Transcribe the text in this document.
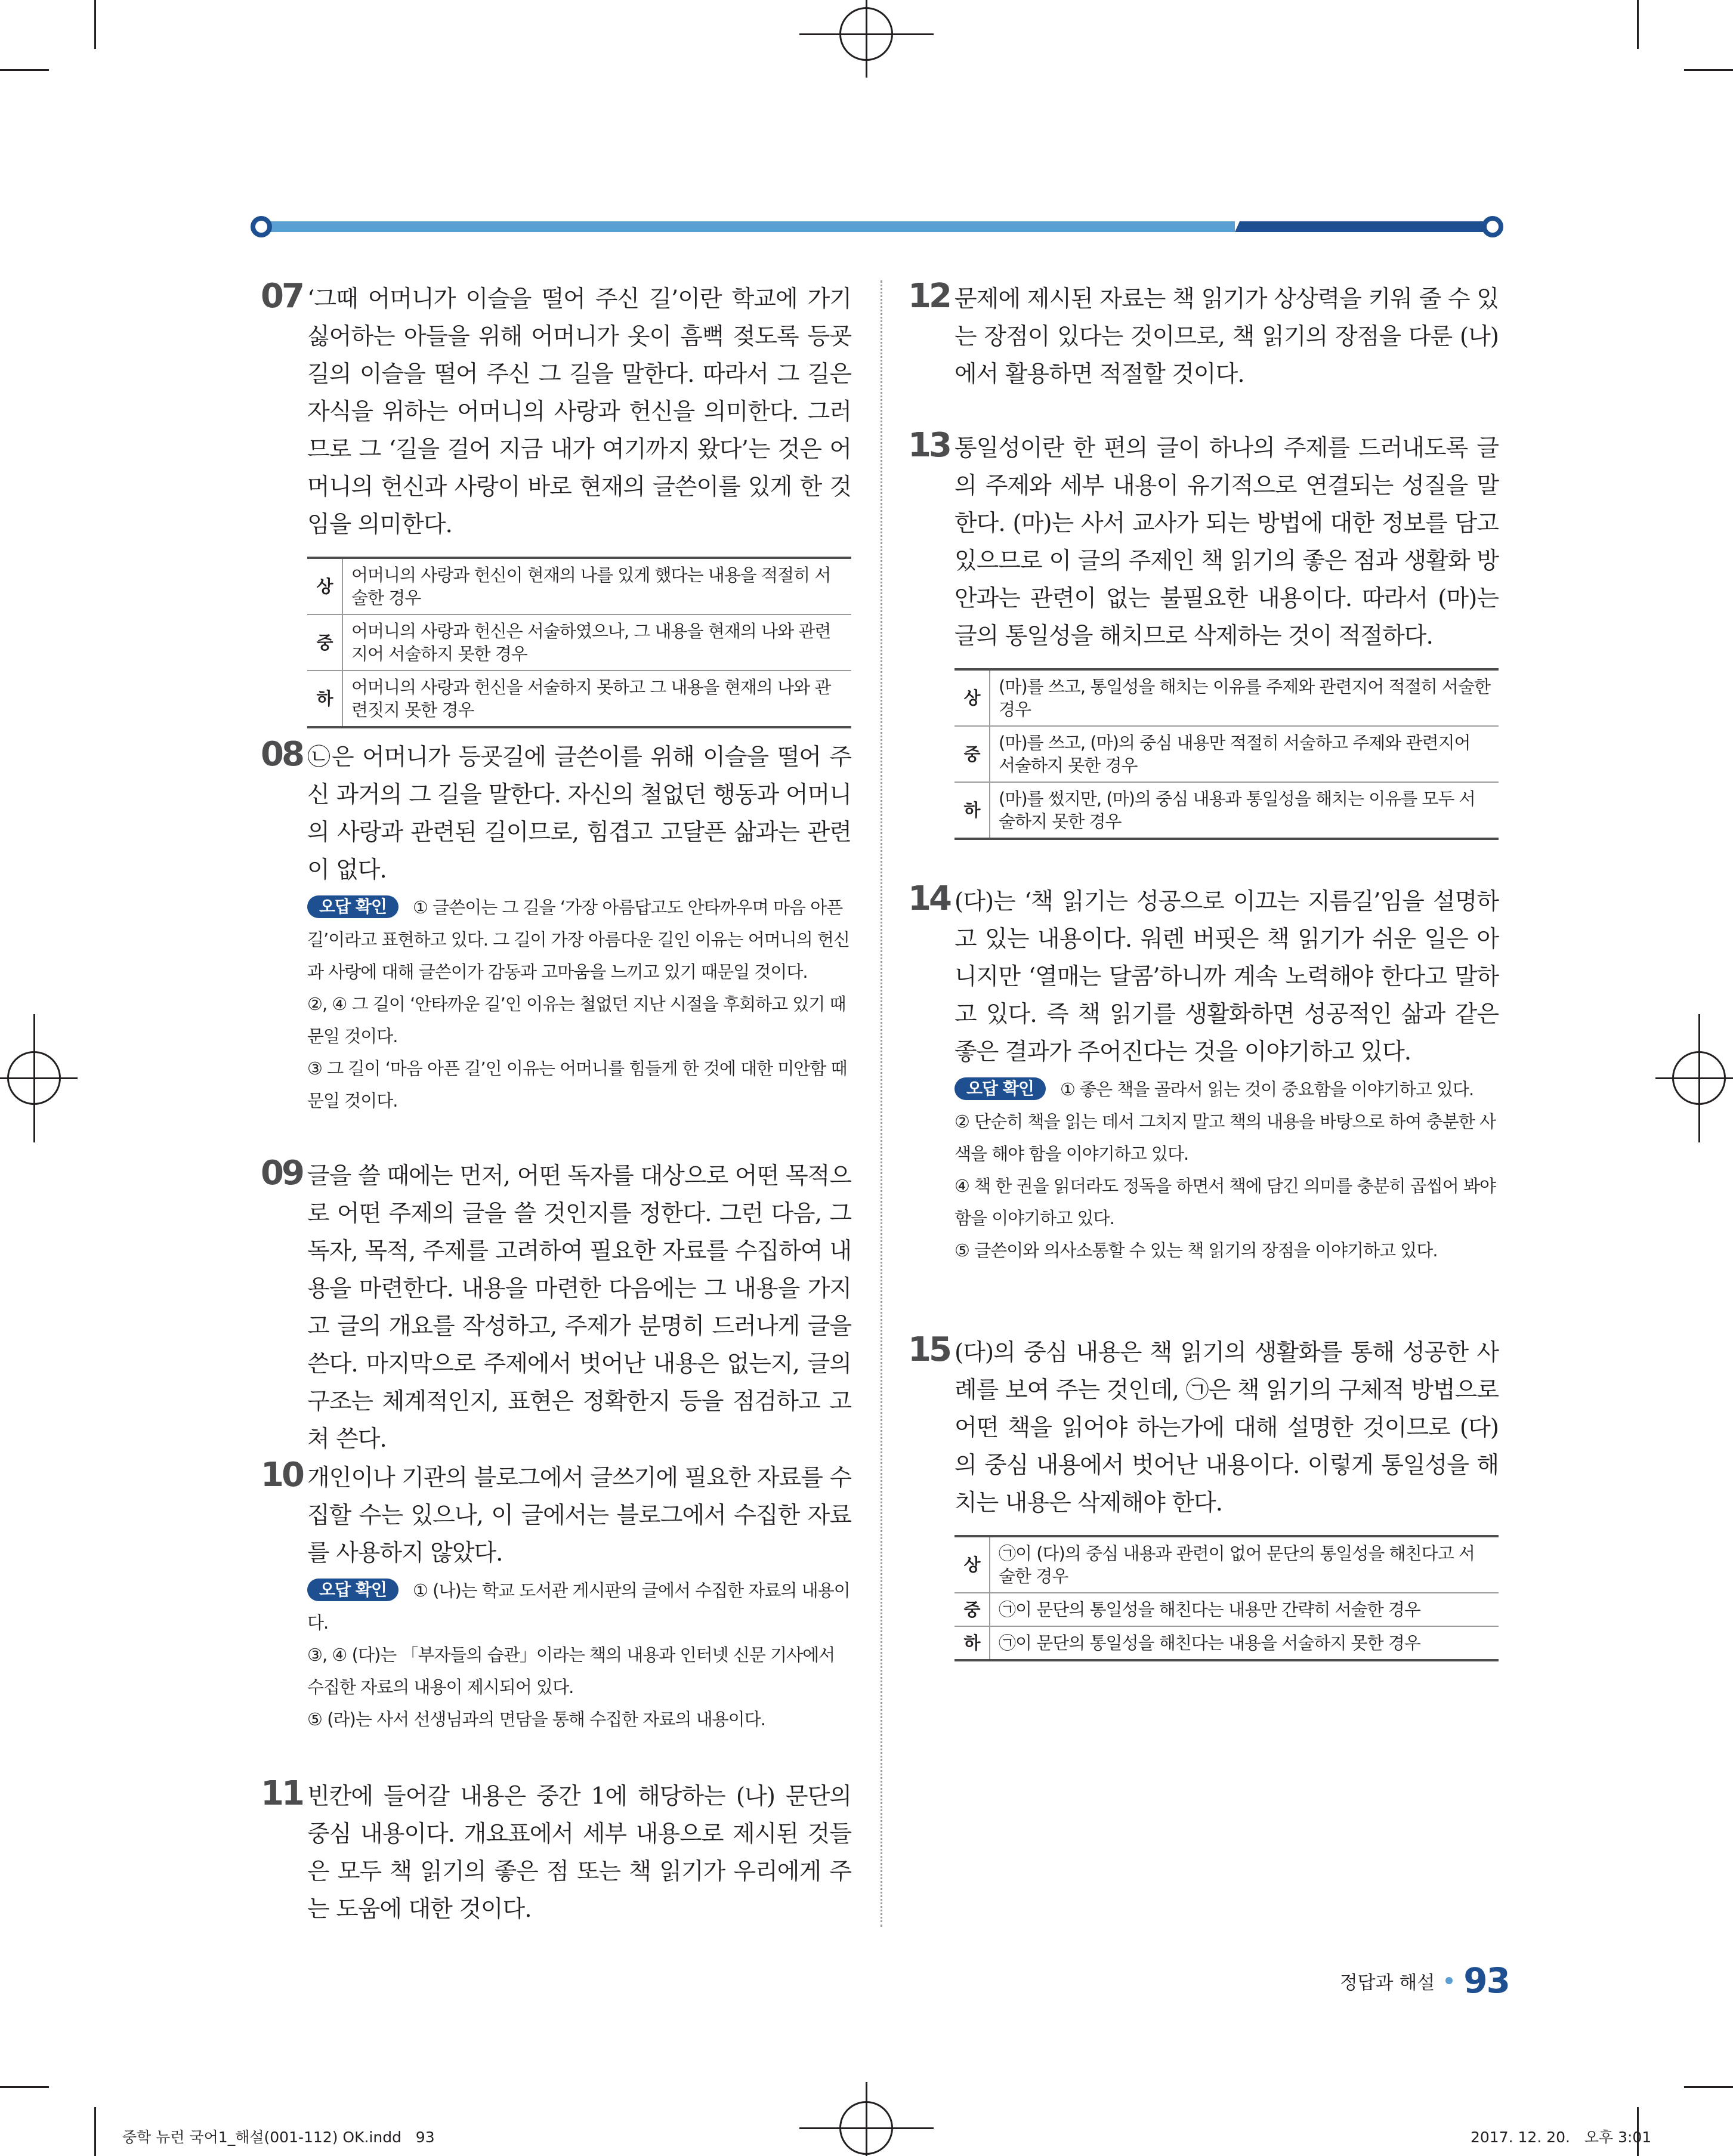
07 ‘그때 어머니가 이슬을 떨어 주신 길’이란 학교에 가기 싫어하는 아들을 위해 어머니가 옷이 흠뻑 젖도록 등굣길의 이슬을 떨어 주신 그 길을 말한다. 따라서 그 길은 자식을 위하는 어머니의 사랑과 헌신을 의미한다. 그러므로 그 ‘길을 걸어 지금 내가 여기까지 왔다’는 것은 어머니의 헌신과 사랑이 바로 현재의 글쓴이를 있게 한 것임을 의미한다.
상	어머니의 사랑과 헌신이 현재의 나를 있게 했다는 내용을 적절히 서술한 경우
중	어머니의 사랑과 헌신은 서술하였으나, 그 내용을 현재의 나와 관련지어 서술하지 못한 경우
하	어머니의 사랑과 헌신을 서술하지 못하고 그 내용을 현재의 나와 관련짓지 못한 경우
08 ㉡은 어머니가 등굣길에 글쓴이를 위해 이슬을 떨어 주신 과거의 그 길을 말한다. 자신의 철없던 행동과 어머니의 사랑과 관련된 길이므로, 힘겹고 고달픈 삶과는 관련이 없다.
오답 확인 ① 글쓴이는 그 길을 ‘가장 아름답고도 안타까우며 마음 아픈 길’이라고 표현하고 있다. 그 길이 가장 아름다운 길인 이유는 어머니의 헌신과 사랑에 대해 글쓴이가 감동과 고마움을 느끼고 있기 때문일 것이다.
②, ④ 그 길이 ‘안타까운 길’인 이유는 철없던 지난 시절을 후회하고 있기 때문일 것이다.
③ 그 길이 ‘마음 아픈 길’인 이유는 어머니를 힘들게 한 것에 대한 미안함 때문일 것이다.
09 글을 쓸 때에는 먼저, 어떤 독자를 대상으로 어떤 목적으로 어떤 주제의 글을 쓸 것인지를 정한다. 그런 다음, 그 독자, 목적, 주제를 고려하여 필요한 자료를 수집하여 내용을 마련한다. 내용을 마련한 다음에는 그 내용을 가지고 글의 개요를 작성하고, 주제가 분명히 드러나게 글을 쓴다. 마지막으로 주제에서 벗어난 내용은 없는지, 글의 구조는 체계적인지, 표현은 정확한지 등을 점검하고 고쳐 쓴다.
10 개인이나 기관의 블로그에서 글쓰기에 필요한 자료를 수집할 수는 있으나, 이 글에서는 블로그에서 수집한 자료를 사용하지 않았다.
오답 확인 ① (나)는 학교 도서관 게시판의 글에서 수집한 자료의 내용이다.
③, ④ (다)는 「부자들의 습관」이라는 책의 내용과 인터넷 신문 기사에서 수집한 자료의 내용이 제시되어 있다.
⑤ (라)는 사서 선생님과의 면담을 통해 수집한 자료의 내용이다.
11 빈칸에 들어갈 내용은 중간 1에 해당하는 (나) 문단의 중심 내용이다. 개요표에서 세부 내용으로 제시된 것들은 모두 책 읽기의 좋은 점 또는 책 읽기가 우리에게 주는 도움에 대한 것이다.
12 문제에 제시된 자료는 책 읽기가 상상력을 키워 줄 수 있는 장점이 있다는 것이므로, 책 읽기의 장점을 다룬 (나)에서 활용하면 적절할 것이다.
13 통일성이란 한 편의 글이 하나의 주제를 드러내도록 글의 주제와 세부 내용이 유기적으로 연결되는 성질을 말한다. (마)는 사서 교사가 되는 방법에 대한 정보를 담고 있으므로 이 글의 주제인 책 읽기의 좋은 점과 생활화 방안과는 관련이 없는 불필요한 내용이다. 따라서 (마)는 글의 통일성을 해치므로 삭제하는 것이 적절하다.
상	(마)를 쓰고, 통일성을 해치는 이유를 주제와 관련지어 적절히 서술한 경우
중	(마)를 쓰고, (마)의 중심 내용만 적절히 서술하고 주제와 관련지어 서술하지 못한 경우
하	(마)를 썼지만, (마)의 중심 내용과 통일성을 해치는 이유를 모두 서술하지 못한 경우
14 (다)는 ‘책 읽기는 성공으로 이끄는 지름길’임을 설명하고 있는 내용이다. 워렌 버핏은 책 읽기가 쉬운 일은 아니지만 ‘열매는 달콤’하니까 계속 노력해야 한다고 말하고 있다. 즉 책 읽기를 생활화하면 성공적인 삶과 같은 좋은 결과가 주어진다는 것을 이야기하고 있다.
오답 확인 ① 좋은 책을 골라서 읽는 것이 중요함을 이야기하고 있다.
② 단순히 책을 읽는 데서 그치지 말고 책의 내용을 바탕으로 하여 충분한 사색을 해야 함을 이야기하고 있다.
④ 책 한 권을 읽더라도 정독을 하면서 책에 담긴 의미를 충분히 곱씹어 봐야 함을 이야기하고 있다.
⑤ 글쓴이와 의사소통할 수 있는 책 읽기의 장점을 이야기하고 있다.
15 (다)의 중심 내용은 책 읽기의 생활화를 통해 성공한 사례를 보여 주는 것인데, ㉠은 책 읽기의 구체적 방법으로 어떤 책을 읽어야 하는가에 대해 설명한 것이므로 (다)의 중심 내용에서 벗어난 내용이다. 이렇게 통일성을 해치는 내용은 삭제해야 한다.
상	㉠이 (다)의 중심 내용과 관련이 없어 문단의 통일성을 해친다고 서술한 경우
중	㉠이 문단의 통일성을 해친다는 내용만 간략히 서술한 경우
하	㉠이 문단의 통일성을 해친다는 내용을 서술하지 못한 경우
정답과 해설 93
중학 뉴런 국어1_해설(001-112) OK.indd   93	2017. 12. 20.   오후 3:01
